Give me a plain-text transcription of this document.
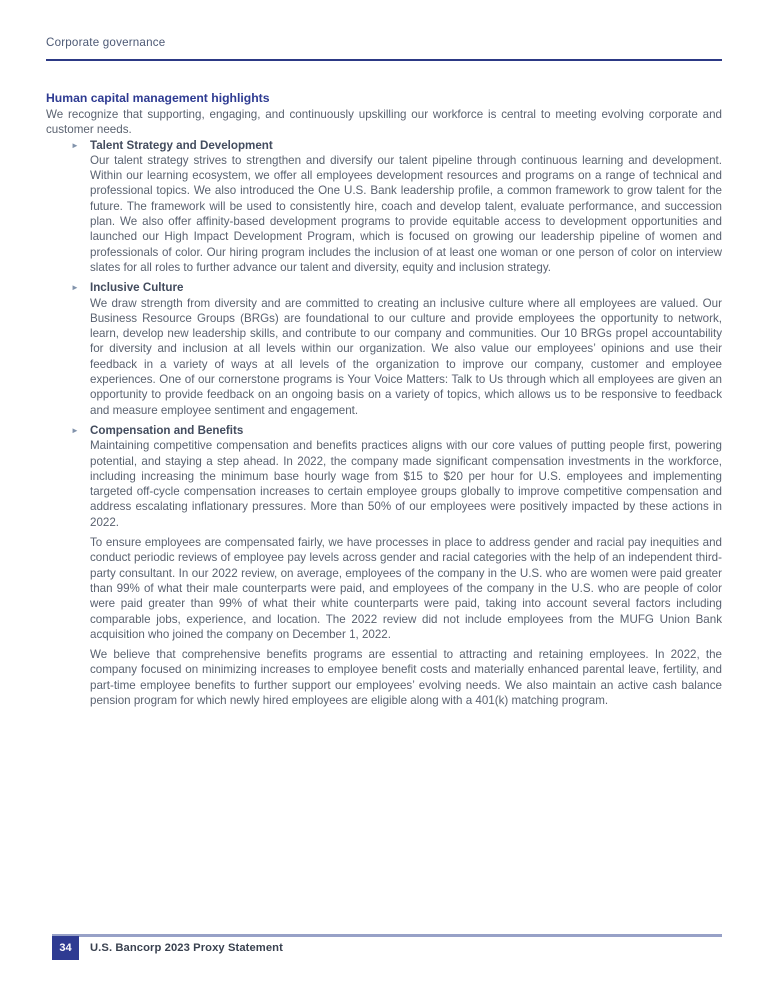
Corporate governance
Human capital management highlights

We recognize that supporting, engaging, and continuously upskilling our workforce is central to meeting evolving corporate and customer needs.

► Talent Strategy and Development

Our talent strategy strives to strengthen and diversify our talent pipeline through continuous learning and development. Within our learning ecosystem, we offer all employees development resources and programs on a range of technical and professional topics. We also introduced the One U.S. Bank leadership profile, a common framework to grow talent for the future. The framework will be used to consistently hire, coach and develop talent, evaluate performance, and succession plan. We also offer affinity-based development programs to provide equitable access to development opportunities and launched our High Impact Development Program, which is focused on growing our leadership pipeline of women and professionals of color. Our hiring program includes the inclusion of at least one woman or one person of color on interview slates for all roles to further advance our talent and diversity, equity and inclusion strategy.

► Inclusive Culture

We draw strength from diversity and are committed to creating an inclusive culture where all employees are valued. Our Business Resource Groups (BRGs) are foundational to our culture and provide employees the opportunity to network, learn, develop new leadership skills, and contribute to our company and communities. Our 10 BRGs propel accountability for diversity and inclusion at all levels within our organization. We also value our employees’ opinions and use their feedback in a variety of ways at all levels of the organization to improve our company, customer and employee experiences. One of our cornerstone programs is Your Voice Matters: Talk to Us through which all employees are given an opportunity to provide feedback on an ongoing basis on a variety of topics, which allows us to be responsive to feedback and measure employee sentiment and engagement.

► Compensation and Benefits

Maintaining competitive compensation and benefits practices aligns with our core values of putting people first, powering potential, and staying a step ahead. In 2022, the company made significant compensation investments in the workforce, including increasing the minimum base hourly wage from $15 to $20 per hour for U.S. employees and implementing targeted off-cycle compensation increases to certain employee groups globally to improve competitive compensation and address escalating inflationary pressures. More than 50% of our employees were positively impacted by these actions in 2022.

To ensure employees are compensated fairly, we have processes in place to address gender and racial pay inequities and conduct periodic reviews of employee pay levels across gender and racial categories with the help of an independent third-party consultant. In our 2022 review, on average, employees of the company in the U.S. who are women were paid greater than 99% of what their male counterparts were paid, and employees of the company in the U.S. who are people of color were paid greater than 99% of what their white counterparts were paid, taking into account several factors including comparable jobs, experience, and location. The 2022 review did not include employees from the MUFG Union Bank acquisition who joined the company on December 1, 2022.

We believe that comprehensive benefits programs are essential to attracting and retaining employees. In 2022, the company focused on minimizing increases to employee benefit costs and materially enhanced parental leave, fertility, and part-time employee benefits to further support our employees’ evolving needs. We also maintain an active cash balance pension program for which newly hired employees are eligible along with a 401(k) matching program.

34	U.S. Bancorp 2023 Proxy Statement
